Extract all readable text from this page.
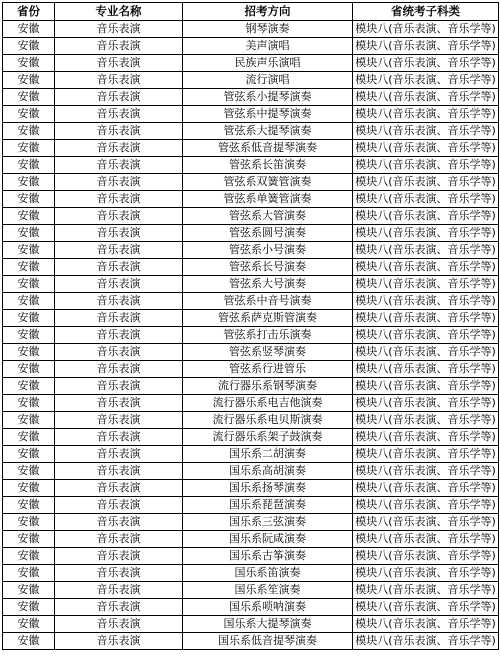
省份	专业名称	招考方向	省统考子科类
安徽	音乐表演	钢琴演奏	模块八(音乐表演、音乐学等)
安徽	音乐表演	美声演唱	模块八(音乐表演、音乐学等)
安徽	音乐表演	民族声乐演唱	模块八(音乐表演、音乐学等)
安徽	音乐表演	流行演唱	模块八(音乐表演、音乐学等)
安徽	音乐表演	管弦系小提琴演奏	模块八(音乐表演、音乐学等)
安徽	音乐表演	管弦系中提琴演奏	模块八(音乐表演、音乐学等)
安徽	音乐表演	管弦系大提琴演奏	模块八(音乐表演、音乐学等)
安徽	音乐表演	管弦系低音提琴演奏	模块八(音乐表演、音乐学等)
安徽	音乐表演	管弦系长笛演奏	模块八(音乐表演、音乐学等)
安徽	音乐表演	管弦系双簧管演奏	模块八(音乐表演、音乐学等)
安徽	音乐表演	管弦系单簧管演奏	模块八(音乐表演、音乐学等)
安徽	音乐表演	管弦系大管演奏	模块八(音乐表演、音乐学等)
安徽	音乐表演	管弦系圆号演奏	模块八(音乐表演、音乐学等)
安徽	音乐表演	管弦系小号演奏	模块八(音乐表演、音乐学等)
安徽	音乐表演	管弦系长号演奏	模块八(音乐表演、音乐学等)
安徽	音乐表演	管弦系大号演奏	模块八(音乐表演、音乐学等)
安徽	音乐表演	管弦系中音号演奏	模块八(音乐表演、音乐学等)
安徽	音乐表演	管弦系萨克斯管演奏	模块八(音乐表演、音乐学等)
安徽	音乐表演	管弦系打击乐演奏	模块八(音乐表演、音乐学等)
安徽	音乐表演	管弦系竖琴演奏	模块八(音乐表演、音乐学等)
安徽	音乐表演	管弦系行进管乐	模块八(音乐表演、音乐学等)
安徽	音乐表演	流行器乐系钢琴演奏	模块八(音乐表演、音乐学等)
安徽	音乐表演	流行器乐系电吉他演奏	模块八(音乐表演、音乐学等)
安徽	音乐表演	流行器乐系电贝斯演奏	模块八(音乐表演、音乐学等)
安徽	音乐表演	流行器乐系架子鼓演奏	模块八(音乐表演、音乐学等)
安徽	音乐表演	国乐系二胡演奏	模块八(音乐表演、音乐学等)
安徽	音乐表演	国乐系高胡演奏	模块八(音乐表演、音乐学等)
安徽	音乐表演	国乐系扬琴演奏	模块八(音乐表演、音乐学等)
安徽	音乐表演	国乐系琵琶演奏	模块八(音乐表演、音乐学等)
安徽	音乐表演	国乐系三弦演奏	模块八(音乐表演、音乐学等)
安徽	音乐表演	国乐系阮咸演奏	模块八(音乐表演、音乐学等)
安徽	音乐表演	国乐系古筝演奏	模块八(音乐表演、音乐学等)
安徽	音乐表演	国乐系笛演奏	模块八(音乐表演、音乐学等)
安徽	音乐表演	国乐系笙演奏	模块八(音乐表演、音乐学等)
安徽	音乐表演	国乐系唢呐演奏	模块八(音乐表演、音乐学等)
安徽	音乐表演	国乐系大提琴演奏	模块八(音乐表演、音乐学等)
安徽	音乐表演	国乐系低音提琴演奏	模块八(音乐表演、音乐学等)
